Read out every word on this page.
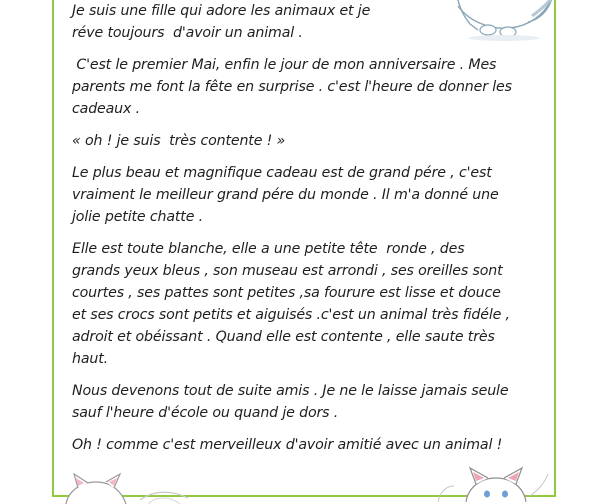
Je suis une fille qui adore les animaux et je
réve toujours  d'avoir un animal .
C'est le premier Mai, enfin le jour de mon anniversaire . Mes
parents me font la fête en surprise . c'est l'heure de donner les
cadeaux .
« oh ! je suis  très contente ! »
Le plus beau et magnifique cadeau est de grand pére , c'est
vraiment le meilleur grand pére du monde . Il m'a donné une
jolie petite chatte .
Elle est toute blanche, elle a une petite tête  ronde , des
grands yeux bleus , son museau est arrondi , ses oreilles sont
courtes , ses pattes sont petites ,sa fourure est lisse et douce
et ses crocs sont petits et aiguisés .c'est un animal très fidéle ,
adroit et obéissant . Quand elle est contente , elle saute très
haut.
Nous devenons tout de suite amis . Je ne le laisse jamais seule
sauf l'heure d'école ou quand je dors .
Oh ! comme c'est merveilleux d'avoir amitié avec un animal !
